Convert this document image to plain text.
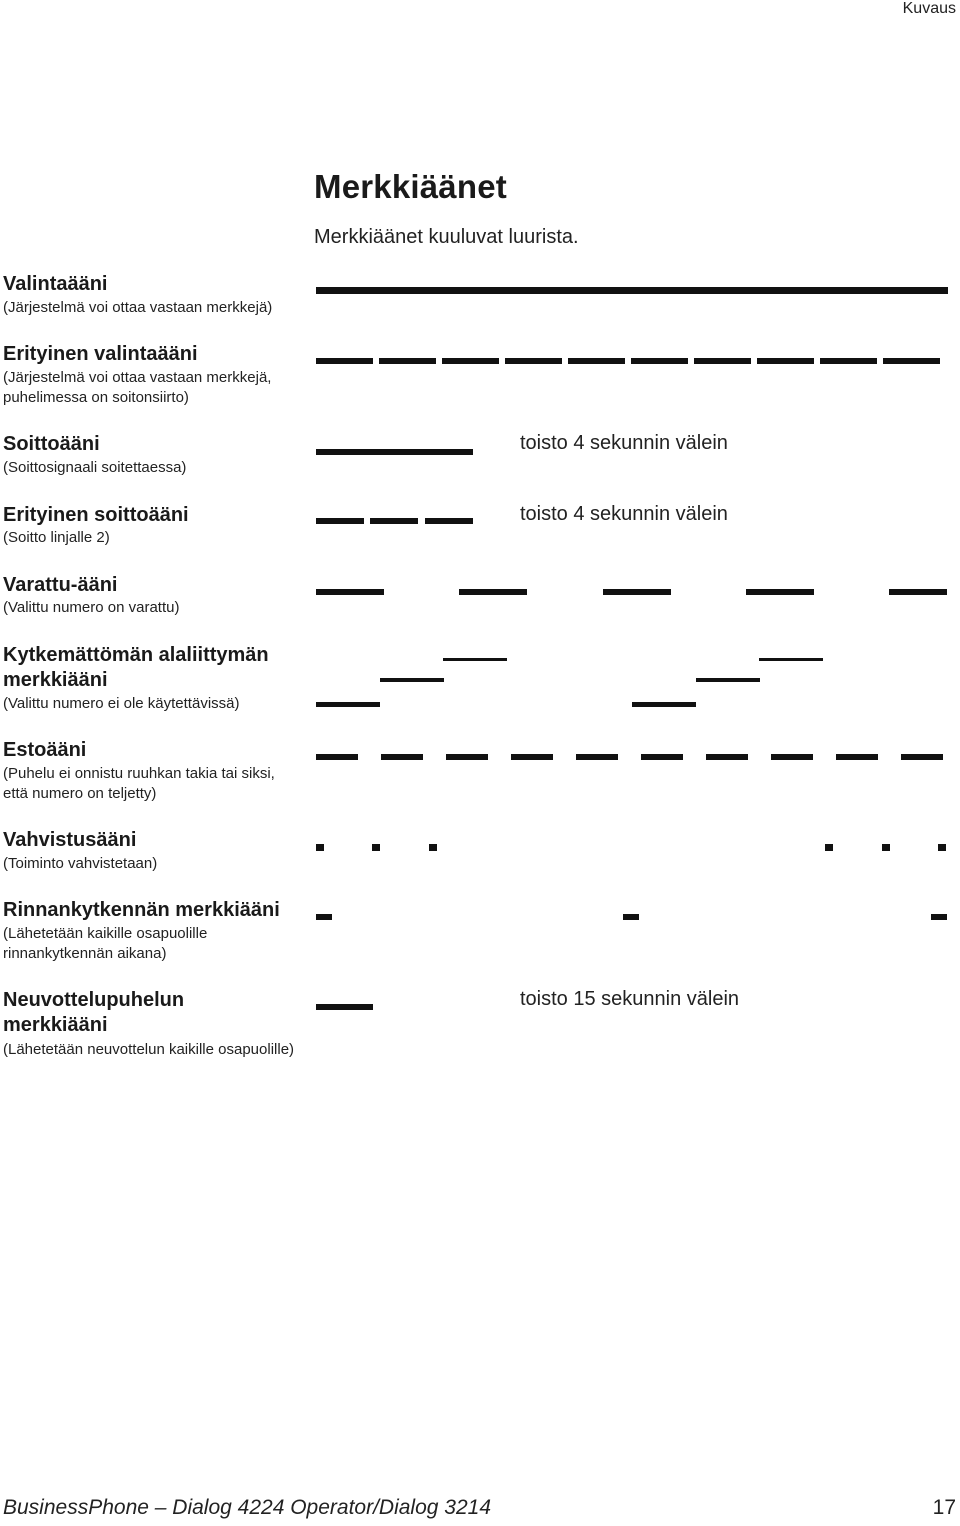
Kuvaus
Merkkiäänet
Merkkiäänet kuuluvat luurista.
Valintaääni
(Järjestelmä voi ottaa vastaan merkkejä)
Erityinen valintaääni
(Järjestelmä voi ottaa vastaan merkkejä,
puhelimessa on soitonsiirto)
Soittoääni
(Soittosignaali soitettaessa)
toisto 4 sekunnin välein
Erityinen soittoääni
(Soitto linjalle 2)
toisto 4 sekunnin välein
Varattu-ääni
(Valittu numero on varattu)
Kytkemättömän alaliittymän
merkkiääni
(Valittu numero ei ole käytettävissä)
Estoääni
(Puhelu ei onnistu ruuhkan takia tai siksi,
että numero on teljetty)
Vahvistusääni
(Toiminto vahvistetaan)
Rinnankytkennän merkkiääni
(Lähetetään kaikille osapuolille
rinnankytkennän aikana)
Neuvottelupuhelun
merkkiääni
(Lähetetään neuvottelun kaikille osapuolille)
toisto 15 sekunnin välein
BusinessPhone – Dialog 4224 Operator/Dialog 3214	17
